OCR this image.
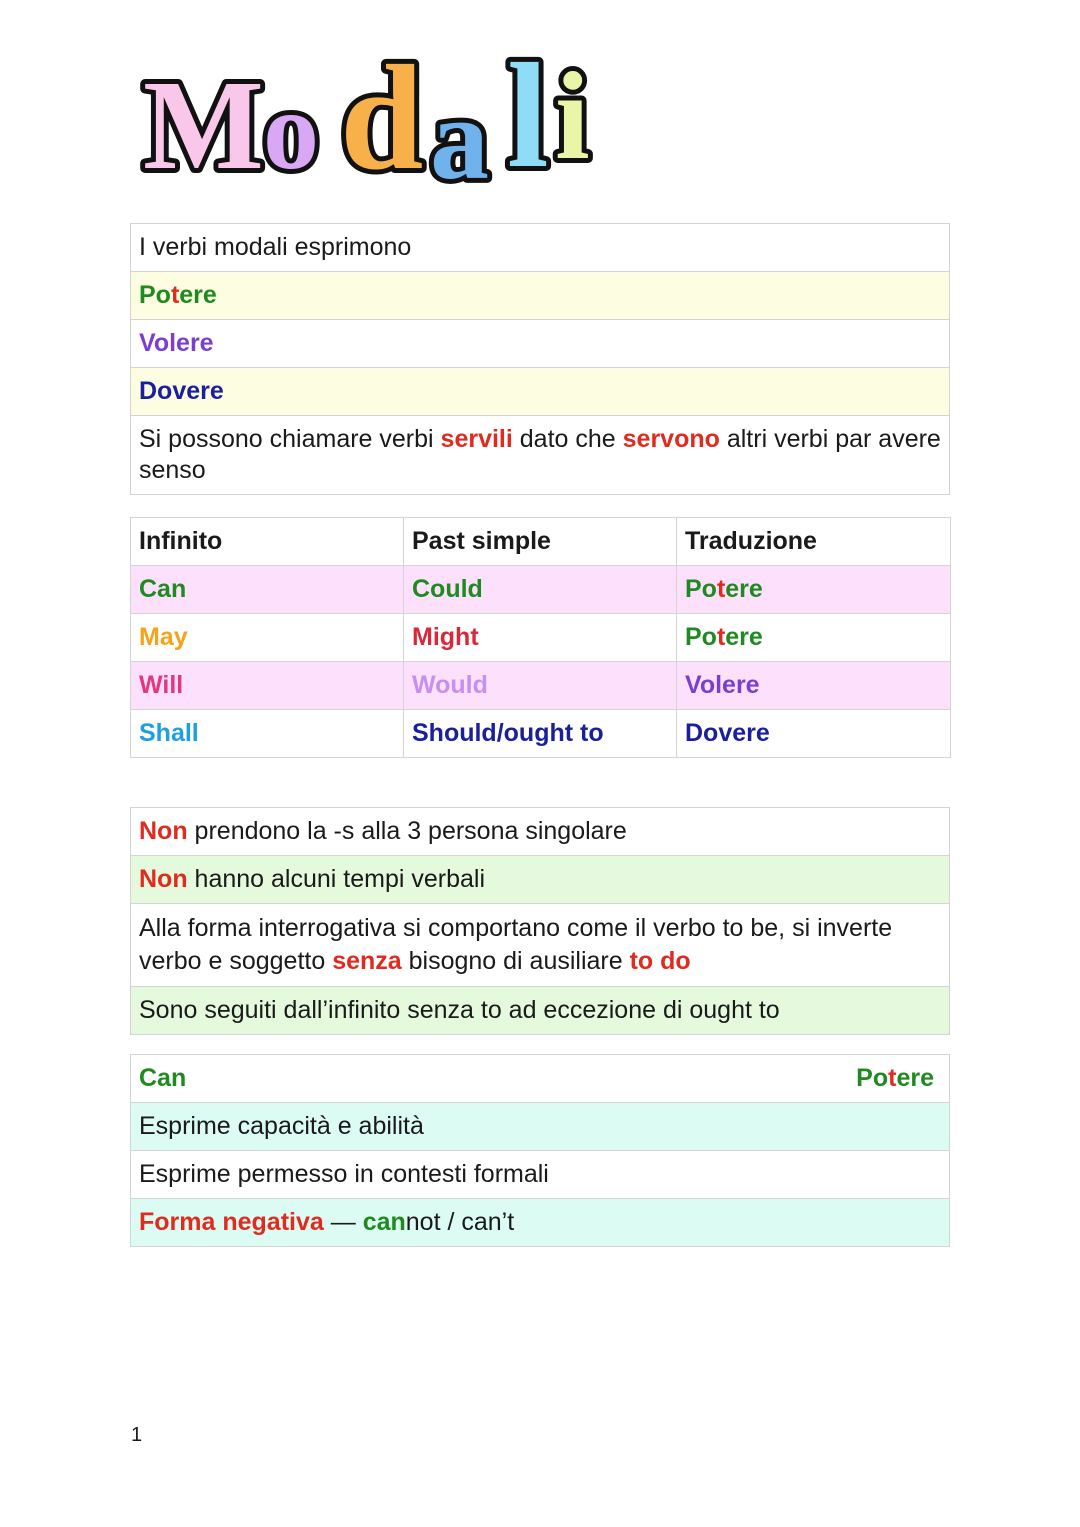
M o d a l i
I verbi modali esprimono
Potere
Volere
Dovere
Si possono chiamare verbi servili dato che servono altri verbi par avere senso
Infinito	Past simple	Traduzione
Can	Could	Potere
May	Might	Potere
Will	Would	Volere
Shall	Should/ought to	Dovere
Non prendono la -s alla 3 persona singolare
Non hanno alcuni tempi verbali
Alla forma interrogativa si comportano come il verbo to be, si inverte verbo e soggetto senza bisogno di ausiliare to do
Sono seguiti dall’infinito senza to ad eccezione di ought to
Can	Potere

Esprime capacità e abilità
Esprime permesso in contesti formali
Forma negativa — cannot / can’t
1
